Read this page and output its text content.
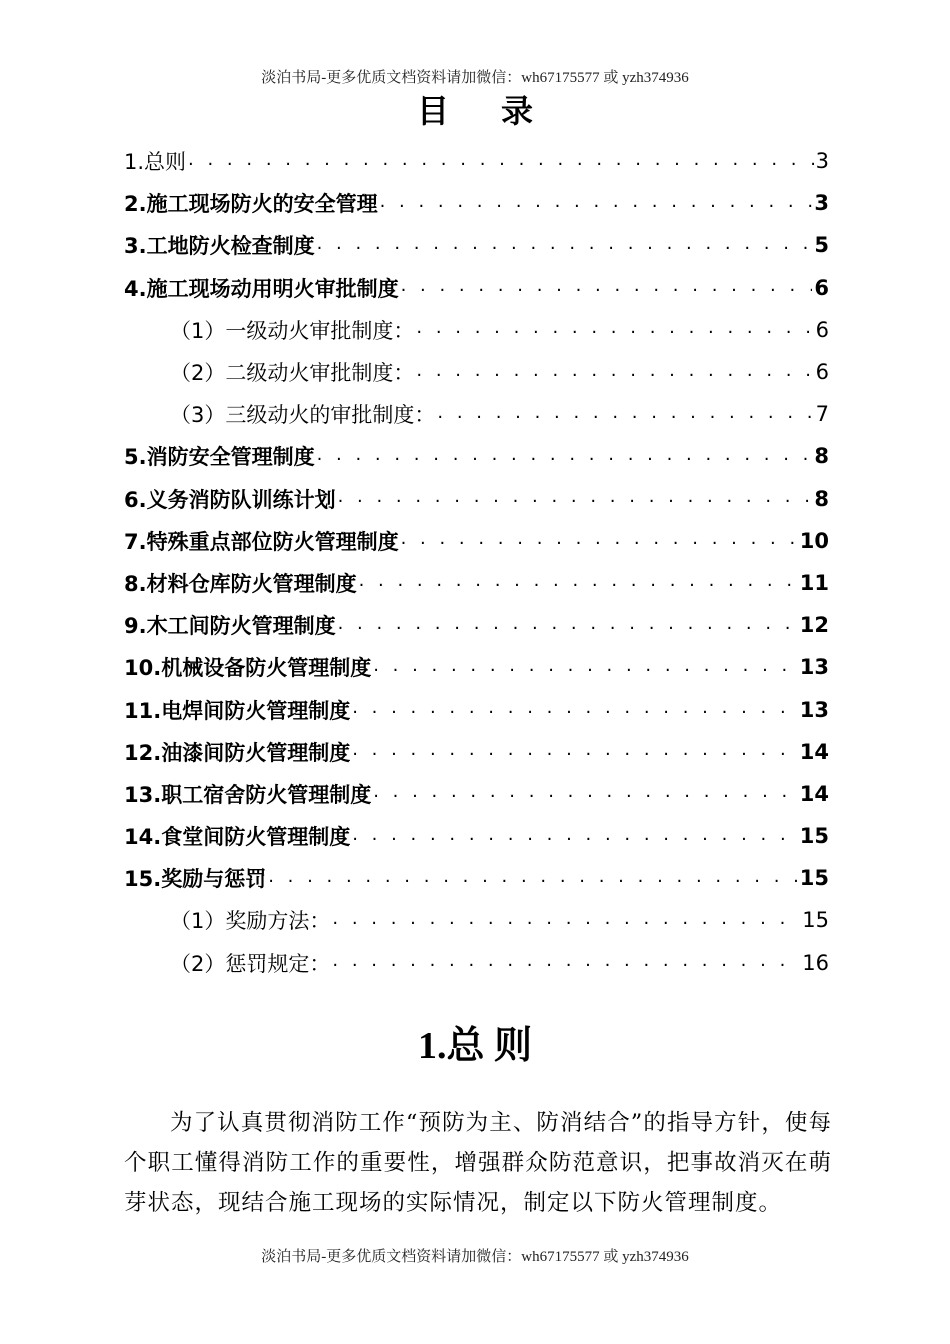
淡泊书局-更多优质文档资料请加微信：wh67175577 或 yzh374936
目录
1.总则 . . .	3
2.施工现场防火的安全管理 . . .	3
3.工地防火检查制度 . . .	5
4.施工现场动用明火审批制度 . . .	6
（1）一级动火审批制度： . . .	6
（2）二级动火审批制度： . . .	6
（3）三级动火的审批制度： . . .	7
5.消防安全管理制度 . . .	8
6.义务消防队训练计划 . . .	8
7.特殊重点部位防火管理制度 . . .	10
8.材料仓库防火管理制度 . . .	11
9.木工间防火管理制度 . . .	12
10.机械设备防火管理制度 . . .	13
11.电焊间防火管理制度 . . .	13
12.油漆间防火管理制度 . . .	14
13.职工宿舍防火管理制度 . . .	14
14.食堂间防火管理制度 . . .	15
15.奖励与惩罚 . . .	15
（1）奖励方法： . . .	15
（2）惩罚规定： . . .	16
1.总 则

为了认真贯彻消防工作“预防为主、防消结合”的指导方针，使每个职工懂得消防工作的重要性，增强群众防范意识，把事故消灭在萌芽状态，现结合施工现场的实际情况，制定以下防火管理制度。

淡泊书局-更多优质文档资料请加微信：wh67175577 或 yzh374936
